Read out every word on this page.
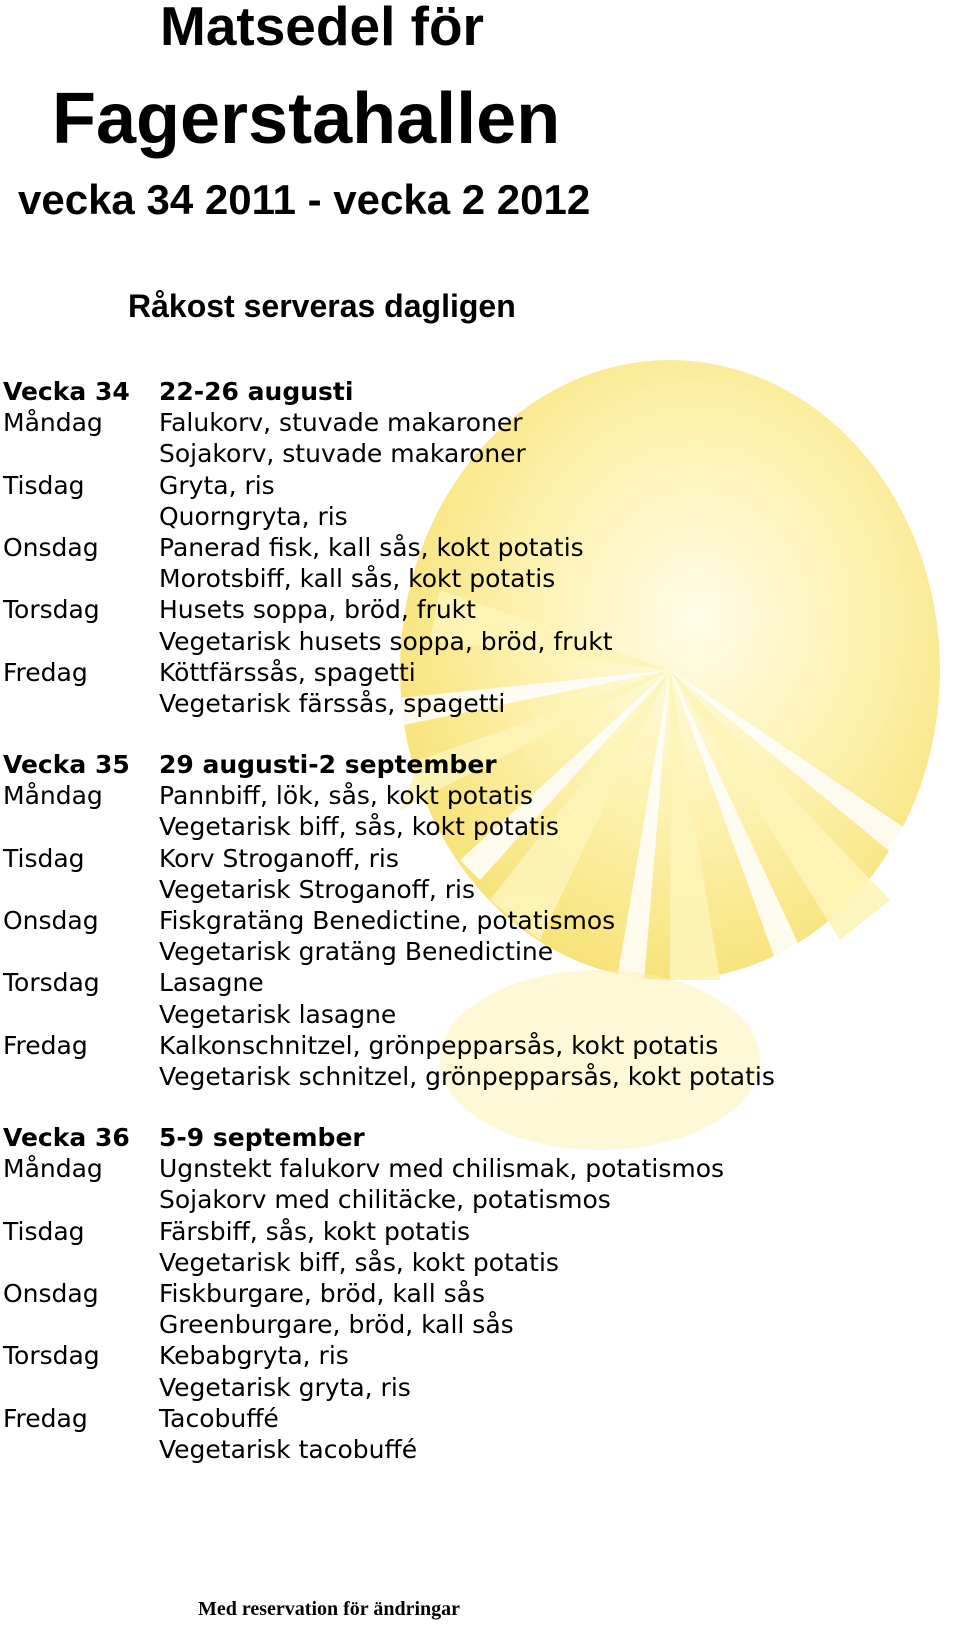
Matsedel för
Fagerstahallen
vecka 34 2011 - vecka 2 2012
Råkost serveras dagligen
Vecka 34 22-26 augusti
Måndag Falukorv, stuvade makaroner
Sojakorv, stuvade makaroner
Tisdag	Gryta, ris
Quorngryta, ris
Onsdag Panerad fisk, kall sås, kokt potatis
Morotsbiff, kall sås, kokt potatis
Torsdag Husets soppa, bröd, frukt
Vegetarisk husets soppa, bröd, frukt
Fredag	Köttfärssås, spagetti
Vegetarisk färssås, spagetti
Vecka 35 29 augusti-2 september
Måndag Pannbiff, lök, sås, kokt potatis
Vegetarisk biff, sås, kokt potatis
Tisdag	Korv Stroganoff, ris
Vegetarisk Stroganoff, ris
Onsdag Fiskgratäng Benedictine, potatismos
Vegetarisk gratäng Benedictine
Torsdag Lasagne
Vegetarisk lasagne
Fredag	Kalkonschnitzel, grönpepparsås, kokt potatis
Vegetarisk schnitzel, grönpepparsås, kokt potatis
Vecka 36 5-9 september
Måndag Ugnstekt falukorv med chilismak, potatismos
Sojakorv med chilitäcke, potatismos
Tisdag	Färsbiff, sås, kokt potatis
Vegetarisk biff, sås, kokt potatis
Onsdag Fiskburgare, bröd, kall sås
Greenburgare, bröd, kall sås
Torsdag Kebabgryta, ris
Vegetarisk gryta, ris
Fredag	Tacobuffé
Vegetarisk tacobuffé
Med reservation för ändringar
